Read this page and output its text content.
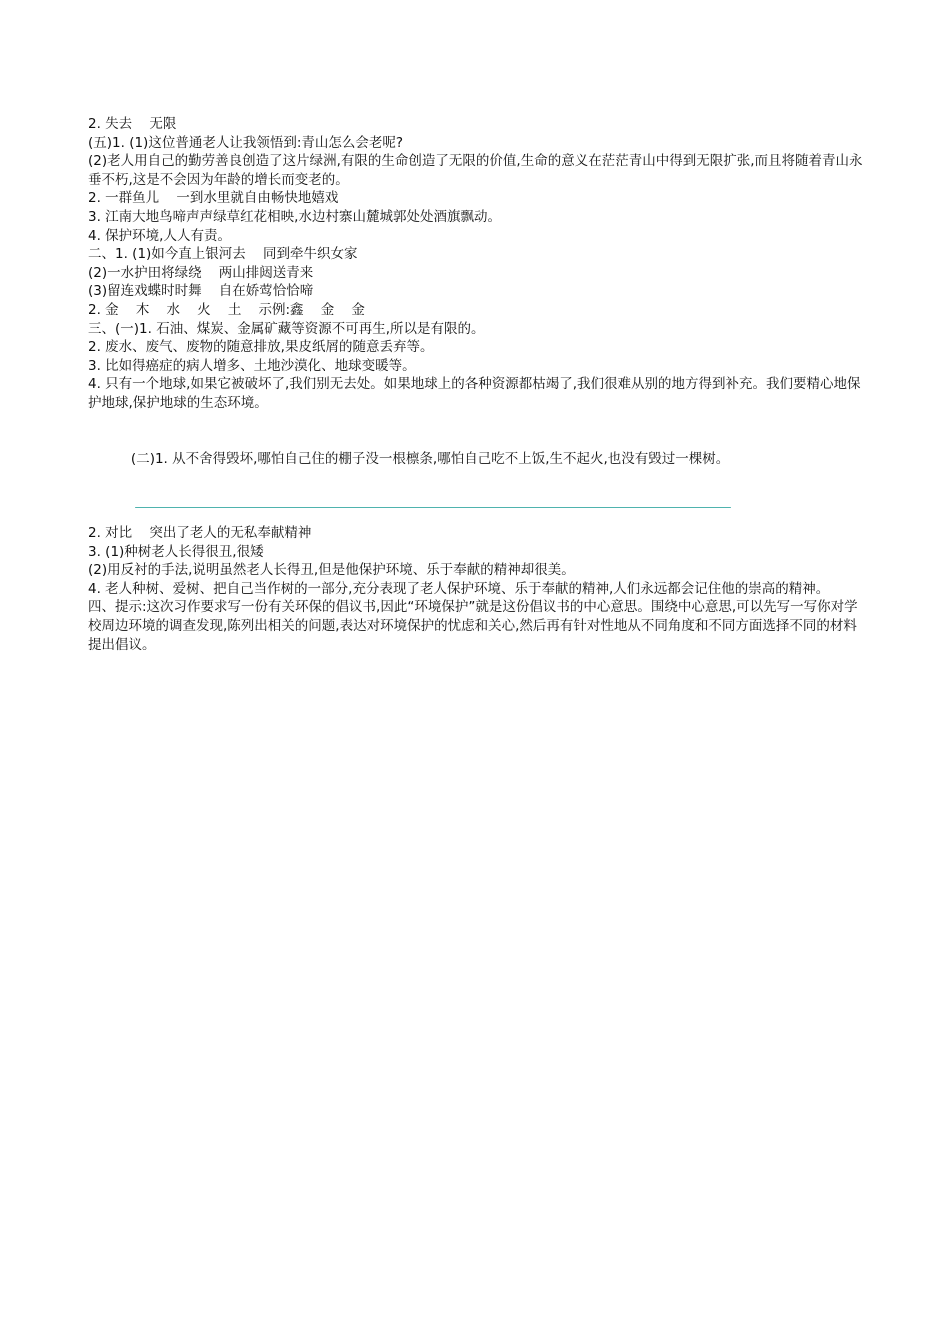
2. 失去    无限
(五)1. (1)这位普通老人让我领悟到:青山怎么会老呢?
(2)老人用自己的勤劳善良创造了这片绿洲,有限的生命创造了无限的价值,生命的意义在茫茫青山中得到无限扩张,而且将随着青山永垂不朽,这是不会因为年龄的增长而变老的。
2. 一群鱼儿    一到水里就自由畅快地嬉戏
3. 江南大地鸟啼声声绿草红花相映,水边村寨山麓城郭处处酒旗飘动。
4. 保护环境,人人有责。
二、1. (1)如今直上银河去    同到牵牛织女家
(2)一水护田将绿绕    两山排闼送青来
(3)留连戏蝶时时舞    自在娇莺恰恰啼
2. 金    木    水    火    土    示例:鑫    金    金
三、(一)1. 石油、煤炭、金属矿藏等资源不可再生,所以是有限的。
2. 废水、废气、废物的随意排放,果皮纸屑的随意丢弃等。
3. 比如得癌症的病人增多、土地沙漠化、地球变暖等。
4. 只有一个地球,如果它被破坏了,我们别无去处。如果地球上的各种资源都枯竭了,我们很难从别的地方得到补充。我们要精心地保护地球,保护地球的生态环境。

(二)1. 从不舍得毁坏,哪怕自己住的棚子没一根檩条,哪怕自己吃不上饭,生不起火,也没有毁过一棵树。

2. 对比    突出了老人的无私奉献精神
3. (1)种树老人长得很丑,很矮
(2)用反衬的手法,说明虽然老人长得丑,但是他保护环境、乐于奉献的精神却很美。
4. 老人种树、爱树、把自己当作树的一部分,充分表现了老人保护环境、乐于奉献的精神,人们永远都会记住他的崇高的精神。
四、提示:这次习作要求写一份有关环保的倡议书,因此“环境保护”就是这份倡议书的中心意思。围绕中心意思,可以先写一写你对学校周边环境的调查发现,陈列出相关的问题,表达对环境保护的忧虑和关心,然后再有针对性地从不同角度和不同方面选择不同的材料提出倡议。
